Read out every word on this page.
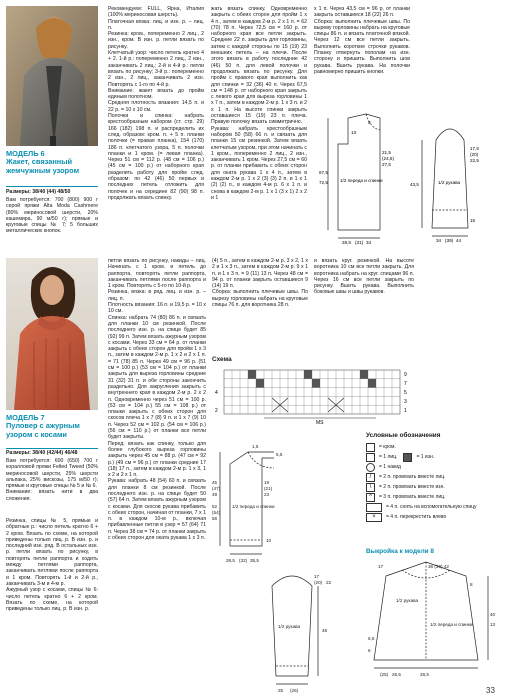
МОДЕЛЬ 6
Жакет, связанный жемчужным узором
Размеры: 38/40 (44) 48/50
Вам потребуется: 700 (800) 900 г серой пряжи Alta Moda Cashmere (80% мериносовой шерсти, 20% кашемира, 90 м/50 г); прямые и круговые спицы № 7; 5 больших металлических кнопок.
Рекомендуем: FULL, Ярна, Италия (100% мериносовая шерсть).
Платочная вязка: лиц. и изн. р. – лиц. п.
Резинка: кром., попеременно 2 лиц., 2 изн., кром. В изн. р. петли вязать по рисунку.
Клетчатый узор: число петель кратно 4 + 2. 1-й р.: попеременно 2 лиц., 2 изн., заканчивать 2 лиц.; 2-й и 4-й р.: петли вязать по рисунку; 3-й р.: попеременно 2 изн., 2 лиц., заканчивать 2 изн. Повторять с 1-го по 4-й р.
Внимание: жакет вязать до пройм единым полотном.
Средняя плотность вязания: 14,5 п. и 22 р. = 10 х 10 см.
Полочки и спинка: набрать крестообразным набором (ст. стр. 29) 166 (182) 198 п. и распределить их след. образом: кром. п. + 5 п. планки полочки (= правая планка), 154 (170) 186 п. клетчатого узора, 5 п. полочки планки и 1 кром. (= левая планка). Через 51 см = 112 р. (48 см = 106 р.) (45 см = 100 р.) от наборного края разделить работу для пройм след. образом: по 42 (46) 50 первых и последних петель отложить для полочек и на середине 82 (90) 98 п. продолжать вязать спинку.
жать вязать спинку. Одновременно закрыть с обеих сторон для пройм 1 х 4 п., затем в каждом 2-м р. 2 х 1 п. = 62 (70) 78 п. Через 72,5 см = 160 р. от наборного края все петли закрыть. Средние 22 п. закрыть для горловины, затем с каждой стороны по 15 (19) 23 внешних петель – на плечи. После этого вязать в работу последние 42 (46) 50 п. для левой полочки и продолжать вязать по рисунку. Для пройм с правого края выполнить как для спинки = 32 (36) 40 п. Через 67,5 см = 148 р. от наборного края закрыть с левого края для выреза горловины 1 х 7 п., затем в каждом 2-м р. 1 х 3 п. и 2 х 1 п. На высоте спинки закрыть оставшиеся 15 (19) 23 п. плеча. Правую полочку вязать симметрично.
Рукава: набрать крестообразным набором 50 (58) 66 п. и связать для планки 15 см резинкой. Затем вязать клетчатым узором, при этом начинать с 1 кром., попеременно 2 лиц., 2 изн., заканчивать 1 кром. Через 27,5 см = 60 р. от планки прибавить с обеих сторон для оката рукава 1 х 4 п., затем в каждом 2-м р. 1 х 2 (3) (3) 2 п. и 1 х 1 (2) (2) п., в каждом 4-м р. 6 х 1 п. и снова в каждом 2-м р. 1 х 1 (3 х 1) 2 х 2 и 1
х 1 п. Через 43,5 см = 96 р. от планки закрыть оставшиеся 18 (22) 26 п.
Сборка: выполнить плечевые швы. По выреву горловины набрать на круговые спицы 86 п. и вязать платочной вязкой. Через 12 см все петли закрыть. Выполнить короткие строчки рукавов. Планку отвернуть пополам на изн. сторону и пришить. Выполнить шов рукава. Вшить рукава. На полочки равномерно пришить кнопки.
13
9
21,5
(24,5)
27,5
67,5
72,5	1/2 переда и спинки
28,5 (31) 34
17,5
(20)
22,5
1/2 рукава
43,5
15
34 (39) 44
МОДЕЛЬ 7
Пуловер с ажурным узором с косами
Размеры: 38/40 (42/44) 46/48
Вам потребуется: 600 (650) 700 г коралловой пряжи Felted Tweed (50% мериносовой шерсти, 25% шерсти альпака, 25% вискозы, 175 м/50 г); прямые и круговые спицы № 5 и № 6.
Внимание: вязать нити в два сложения.
Резинка, спицы № 5, прямые и обратные р.: число петель кратно 6 + 2 кром. Вязать по схеме, на которой приведены только лиц. р. В изн. р. и последний изн. ряд. В остальных изн. р. петли вязать по рисунку, в повторять петли раппорта и ходить между петлями раппорта, заканчивать петлями после раппорта и 1 кром. Повторять 1-й и 2-й р., заканчивать 3-м и 4-м р.
Ажурный узор с косами, спицы № 6: число петель кратно 6 + 2 кром. Вязать по схеме, на которой приведены только лиц. р. В изн. р.
петли вязать по рисунку, накиды – лиц. Начинать с 1 кром. и петель до раппорта, повторять петли раппорта, заканчивать петлями после раппорта и 1 кром. Повторять с 5-го по 10-й р.
Резинка, вязка: в ряд. лиц. и изн. р. – лиц. п.
Плотность вязания: 16 п. и 19,5 р. = 10 х 10 см.
Спинка: набрать 74 (80) 86 п. и связать для планки 10 см резинкой. После последнего изн. р. на спице будет 85 (92) 99 п. Затем вязать ажурным узором с косами. Через 33 см = 64 р. от планки закрыть с обеих сторон для пройм 1 х 3 п., затем в каждом 2-м р. 1 х 2 и 2 х 1 п. = 71 (78) 85 п. Через 49 см = 96 р. (51 см = 100 р.) (53 см = 104 р.) от планки закрыть для выреза горловины средние 31 (32) 31 п. и обе стороны закончить раздельно. Для закругления закрыть с внутреннего края в каждом 2-м р. 2 х 2 п. Одновременно через 51 см = 100 р. (53 см = 104 р.) 55 см = 108 р.) от планки закрыть с обеих сторон для скосов плеча 1 х 7 (8) 9 п. и 1 х 7 (9) 10 п. Через 52 см = 102 р. (54 см = 106 р.) (56 см = 110 р.) от планки все петли будет закрыты.
Перед: вязать как спинку, только для более глубокого выреза горловины закрыть через 45 см = 88 р. (47 см = 92 р.) (49 см = 96 р.) от планки средние 17 (18) 17 п., затем в каждом 2-м р. 1 х 3, 1 х 2 и 2 х 1 п.
Рукава: набрать 48 (54) 60 п. и связать для планки 8 см резинкой. После последнего изн. р. на спице будет 50 (57) 64 п. Затем вязать ажурным узором с косами. Для скосов рукава прибавить с обеих сторон, начиная от планки, 7 х 1 п. в каждом 10-м р., включая прибавленные петли в узор = 57 (64) 71 п. Через 38 см = 74 р. от планки закрыть с обеих сторон для оката рукава 1 х 3 п.
(4) 5 п., затем в каждом 2-м р. 3 х 2, 1 х 2 и 1 х 3 п., затем в каждом 2-м р. 9 х 1 п. и 1 х 3 п. = 9 (11) 13 п. Через 48 см = 94 р. от планки закрыть оставшиеся 9 (14) 19 п.
Сборка: выполнить плечевые швы. По вырезу горловины набрать на круговые спицы 76 п. для воротника 28 п.
и вязать круг. резинкой. На высоте воротника 10 см все петли закрыть. Для воротника набрать на круг. спицами 96 п. Через 16 см все петли закрыть по рисунку. Вшить рукава. Выполнить боковые швы и швы рукавов.
Схема
9
7
5
3
1
4
2
MS
1,5
5,5
19
(21)
23
45
(47)
49
52
(54)
56
1/2 переда и спинки
28,5 (32) 35,5
10
17
(20) 22
1/2 рукава
48
25 (26)
Условные обозначения
= кром.
= 1 лиц.	= 1 изн.
= 1 накид
/	= 2 п. провязать вместе лиц.
\	= 2 п. провязать вместе изн.
^	= 3 п. провязать вместе лиц.
= 4 п. снять на вспомогательную спицу
×	= 4 п. перекрестить влево
Выкройка к модели 8
17	36 (39) 42
1/2 рукава
1/2 переда и спинки
28,5
8
40
13
6,5
6
(25) 26,5
33
